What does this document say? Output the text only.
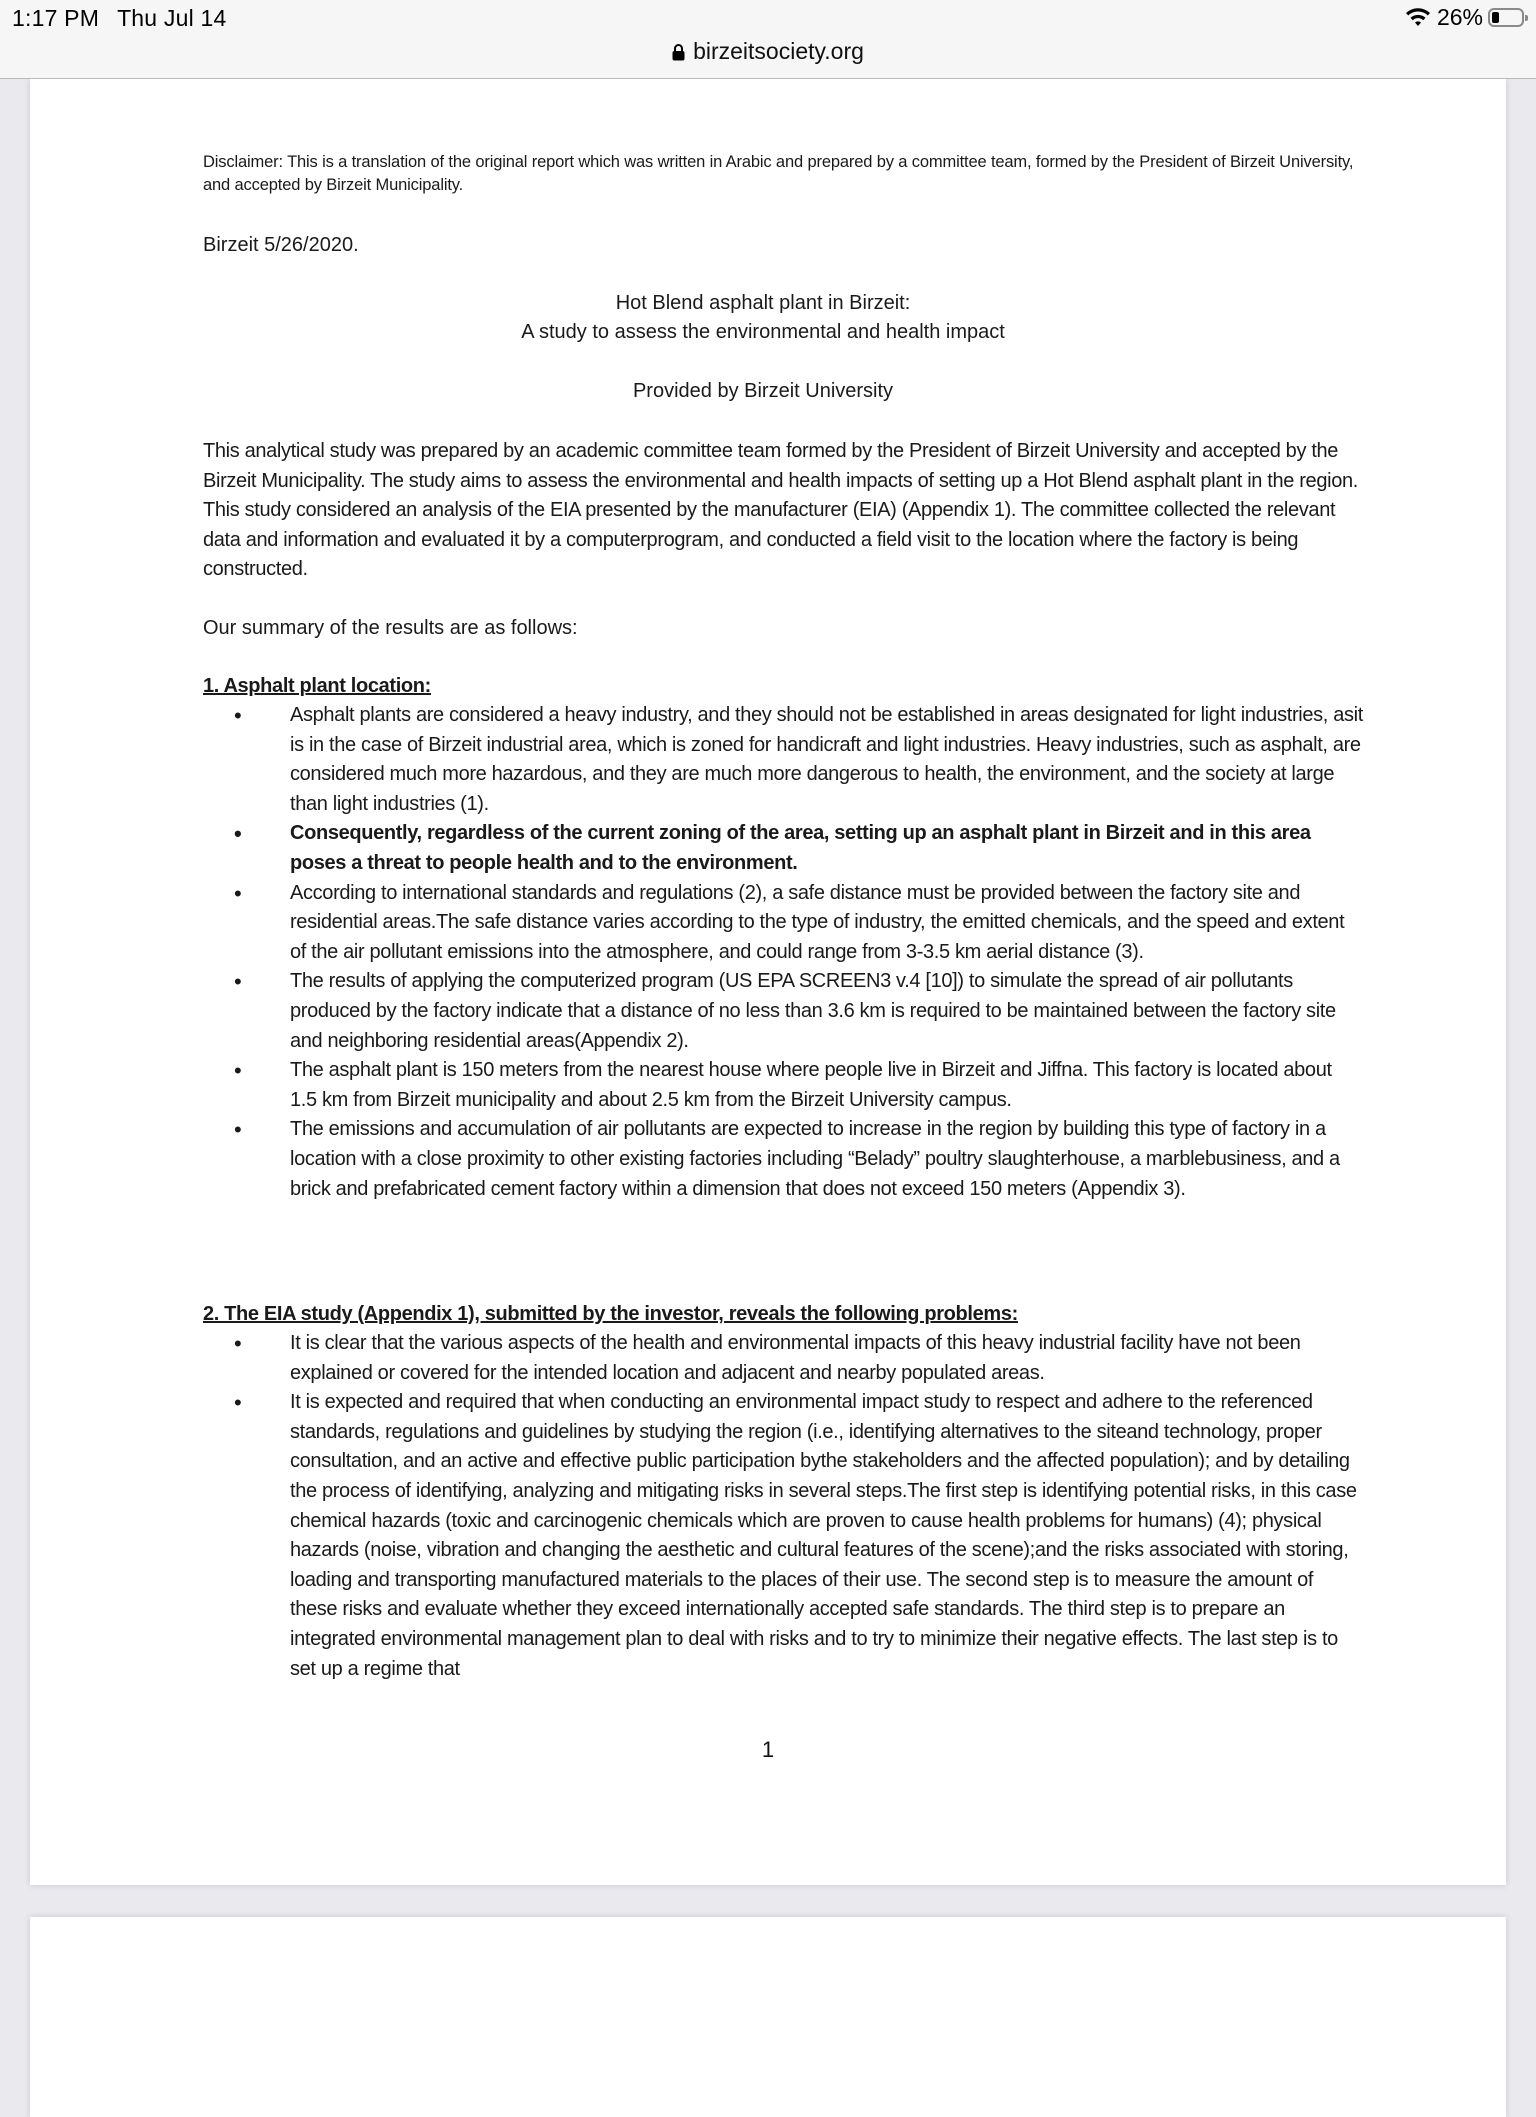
1:17 PM Thu Jul 14	26%
birzeitsociety.org
Disclaimer: This is a translation of the original report which was written in Arabic and prepared by a committee team, formed by the President of Birzeit University, and accepted by Birzeit Municipality.
Birzeit 5/26/2020.
Hot Blend asphalt plant in Birzeit:
A study to assess the environmental and health impact
Provided by Birzeit University
This analytical study was prepared by an academic committee team formed by the President of Birzeit University and accepted by the Birzeit Municipality. The study aims to assess the environmental and health impacts of setting up a Hot Blend asphalt plant in the region. This study considered an analysis of the EIA presented by the manufacturer (EIA) (Appendix 1). The committee collected the relevant data and information and evaluated it by a computerprogram, and conducted a field visit to the location where the factory is being constructed.
Our summary of the results are as follows:
1. Asphalt plant location:
• Asphalt plants are considered a heavy industry, and they should not be established in areas designated for light industries, asit is in the case of Birzeit industrial area, which is zoned for handicraft and light industries. Heavy industries, such as asphalt, are considered much more hazardous, and they are much more dangerous to health, the environment, and the society at large than light industries (1).
• Consequently, regardless of the current zoning of the area, setting up an asphalt plant in Birzeit and in this area poses a threat to people health and to the environment.
• According to international standards and regulations (2), a safe distance must be provided between the factory site and residential areas.The safe distance varies according to the type of industry, the emitted chemicals, and the speed and extent of the air pollutant emissions into the atmosphere, and could range from 3-3.5 km aerial distance (3).
• The results of applying the computerized program (US EPA SCREEN3 v.4 [10]) to simulate the spread of air pollutants produced by the factory indicate that a distance of no less than 3.6 km is required to be maintained between the factory site and neighboring residential areas(Appendix 2).
• The asphalt plant is 150 meters from the nearest house where people live in Birzeit and Jiffna. This factory is located about 1.5 km from Birzeit municipality and about 2.5 km from the Birzeit University campus.
• The emissions and accumulation of air pollutants are expected to increase in the region by building this type of factory in a location with a close proximity to other existing factories including “Belady” poultry slaughterhouse, a marblebusiness, and a brick and prefabricated cement factory within a dimension that does not exceed 150 meters (Appendix 3).
2. The EIA study (Appendix 1), submitted by the investor, reveals the following problems:
• It is clear that the various aspects of the health and environmental impacts of this heavy industrial facility have not been explained or covered for the intended location and adjacent and nearby populated areas.
• It is expected and required that when conducting an environmental impact study to respect and adhere to the referenced standards, regulations and guidelines by studying the region (i.e., identifying alternatives to the siteand technology, proper consultation, and an active and effective public participation bythe stakeholders and the affected population); and by detailing the process of identifying, analyzing and mitigating risks in several steps.The first step is identifying potential risks, in this case chemical hazards (toxic and carcinogenic chemicals which are proven to cause health problems for humans) (4); physical hazards (noise, vibration and changing the aesthetic and cultural features of the scene);and the risks associated with storing, loading and transporting manufactured materials to the places of their use. The second step is to measure the amount of these risks and evaluate whether they exceed internationally accepted safe standards. The third step is to prepare an integrated environmental management plan to deal with risks and to try to minimize their negative effects. The last step is to set up a regime that
1
